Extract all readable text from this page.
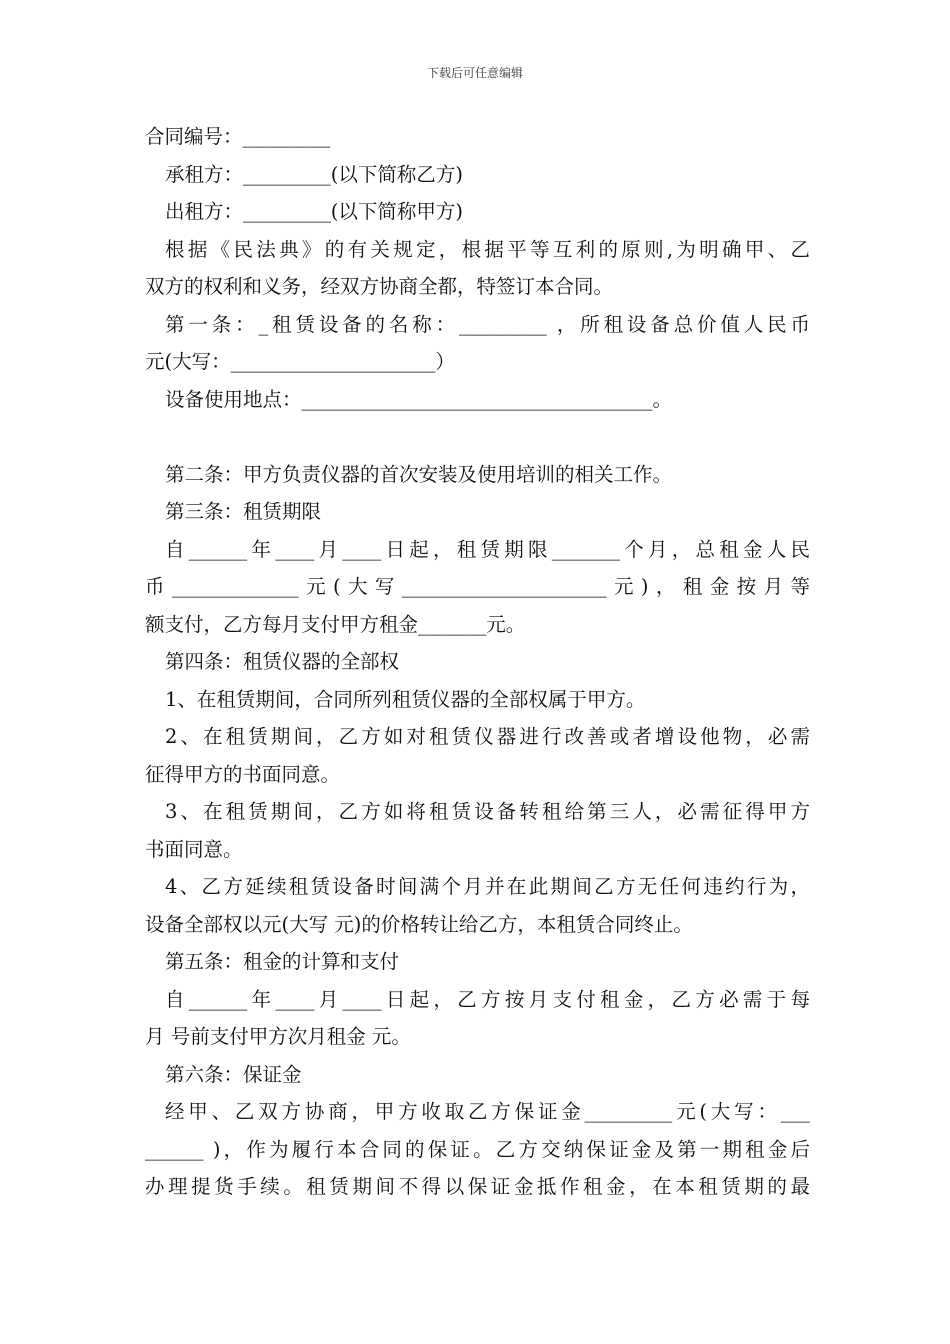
下载后可任意编辑
合同编号：_________
承租方：_________(以下简称乙方)
出租方：_________(以下简称甲方)
根据《民法典》的有关规定，根据平等互利的原则,为明确甲、乙
双方的权利和义务，经双方协商全都，特签订本合同。
第一条：_租赁设备的名称：_________ ，所租设备总价值人民币
元(大写：_____________________）
设备使用地点：____________________________________。
第二条：甲方负责仪器的首次安装及使用培训的相关工作。
第三条：租赁期限
自______年____月____日起，租赁期限_______个月，总租金人民
币_____________元(大写_____________________元)，租金按月等
额支付，乙方每月支付甲方租金_______元。
第四条：租赁仪器的全部权
1、在租赁期间，合同所列租赁仪器的全部权属于甲方。
2、在租赁期间，乙方如对租赁仪器进行改善或者增设他物，必需
征得甲方的书面同意。
3、在租赁期间，乙方如将租赁设备转租给第三人，必需征得甲方
书面同意。
4、乙方延续租赁设备时间满个月并在此期间乙方无任何违约行为，
设备全部权以元(大写 元)的价格转让给乙方，本租赁合同终止。
第五条：租金的计算和支付
自______年____月____日起，乙方按月支付租金，乙方必需于每
月 号前支付甲方次月租金 元。
第六条：保证金
经甲、乙双方协商，甲方收取乙方保证金_________元(大写：___
______ )，作为履行本合同的保证。乙方交纳保证金及第一期租金后
办理提货手续。租赁期间不得以保证金抵作租金，在本租赁期的最
